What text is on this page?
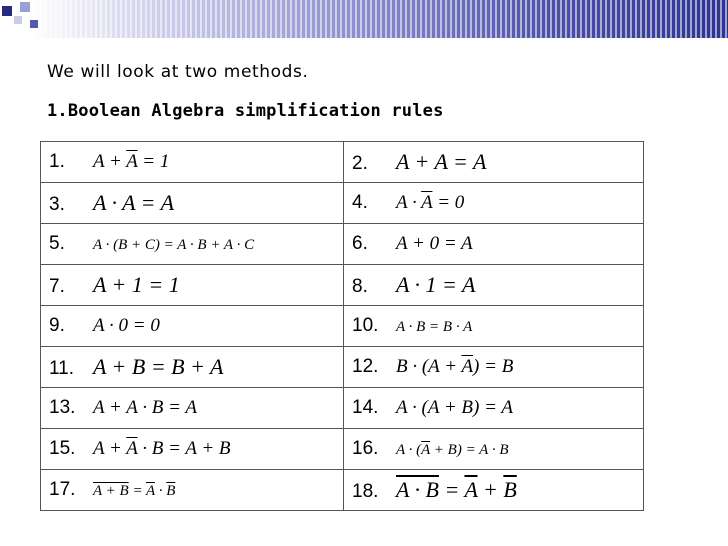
We will look at two methods.
1.Boolean Algebra simplification rules
1. $A + \overline{A} = 1$	2. A + A = A
3. A · A = A	4. $A \cdot \overline{A} = 0$
5. A · (B + C) = A · B + A · C	6. A + 0 = A
7. A + 1 = 1	8. A · 1 = A
9. A · 0 = 0	10. A · B = B · A
11. A + B = B + A	12. $B \cdot (A + \overline{A}) = B$
13. A + A · B = A	14. A · (A + B) = A
15. $A + \overline{A} \cdot B = A + B$	16. $A \cdot (\overline{A} + B) = A \cdot B$
17. $A + B = \overline{A} \cdot \overline{B}$	18. $A \cdot B = \overline{A} + \overline{B}$
